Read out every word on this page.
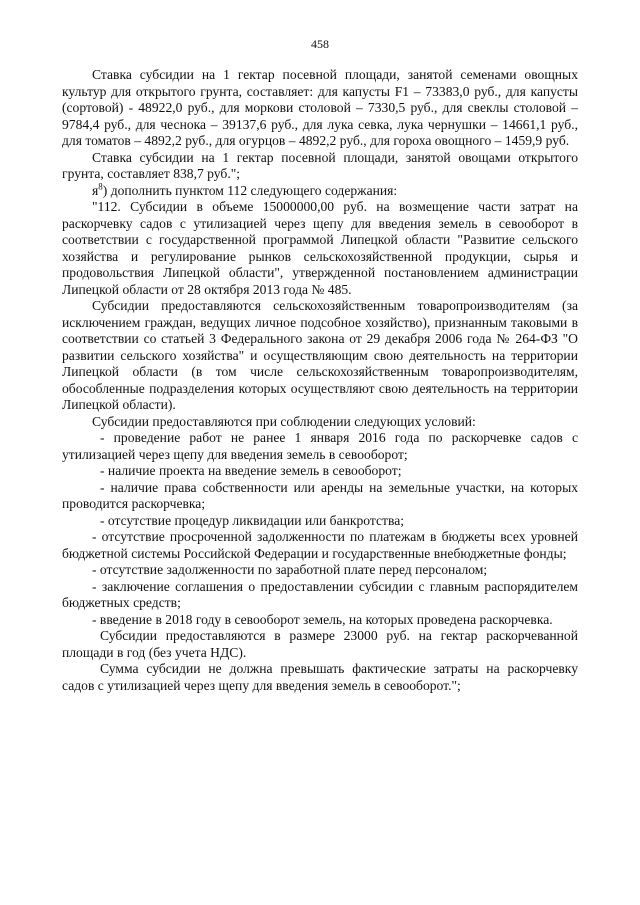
458

Ставка субсидии на 1 гектар посевной площади, занятой семенами овощных культур для открытого грунта, составляет: для капусты F1 – 73383,0 руб., для капусты (сортовой) - 48922,0 руб., для моркови столовой – 7330,5 руб., для свеклы столовой – 9784,4 руб., для чеснока – 39137,6 руб., для лука севка, лука чернушки – 14661,1 руб., для томатов – 4892,2 руб., для огурцов – 4892,2 руб., для гороха овощного – 1459,9 руб.

Ставка субсидии на 1 гектар посевной площади, занятой овощами открытого грунта, составляет 838,7 руб.";

$я^8$) дополнить пунктом 112 следующего содержания:

"112. Субсидии в объеме 15000000,00 руб. на возмещение части затрат на раскорчевку садов с утилизацией через щепу для введения земель в севооборот в соответствии с государственной программой Липецкой области "Развитие сельского хозяйства и регулирование рынков сельскохозяйственной продукции, сырья и продовольствия Липецкой области", утвержденной постановлением администрации Липецкой области от 28 октября 2013 года № 485.

Субсидии предоставляются сельскохозяйственным товаропроизводителям (за исключением граждан, ведущих личное подсобное хозяйство), признанным таковыми в соответствии со статьей 3 Федерального закона от 29 декабря 2006 года № 264-ФЗ "О развитии сельского хозяйства" и осуществляющим свою деятельность на территории Липецкой области (в том числе сельскохозяйственным товаропроизводителям, обособленные подразделения которых осуществляют свою деятельность на территории Липецкой области).

Субсидии предоставляются при соблюдении следующих условий:

- проведение работ не ранее 1 января 2016 года по раскорчевке садов с утилизацией через щепу для введения земель в севооборот;

- наличие проекта на введение земель в севооборот;

- наличие права собственности или аренды на земельные участки, на которых проводится раскорчевка;

- отсутствие процедур ликвидации или банкротства;

- отсутствие просроченной задолженности по платежам в бюджеты всех уровней бюджетной системы Российской Федерации и государственные внебюджетные фонды;

- отсутствие задолженности по заработной плате перед персоналом;

- заключение соглашения о предоставлении субсидии с главным распорядителем бюджетных средств;

- введение в 2018 году в севооборот земель, на которых проведена раскорчевка.

Субсидии предоставляются в размере 23000 руб. на гектар раскорчеванной площади в год (без учета НДС).

Сумма субсидии не должна превышать фактические затраты на раскорчевку садов с утилизацией через щепу для введения земель в севооборот.";
